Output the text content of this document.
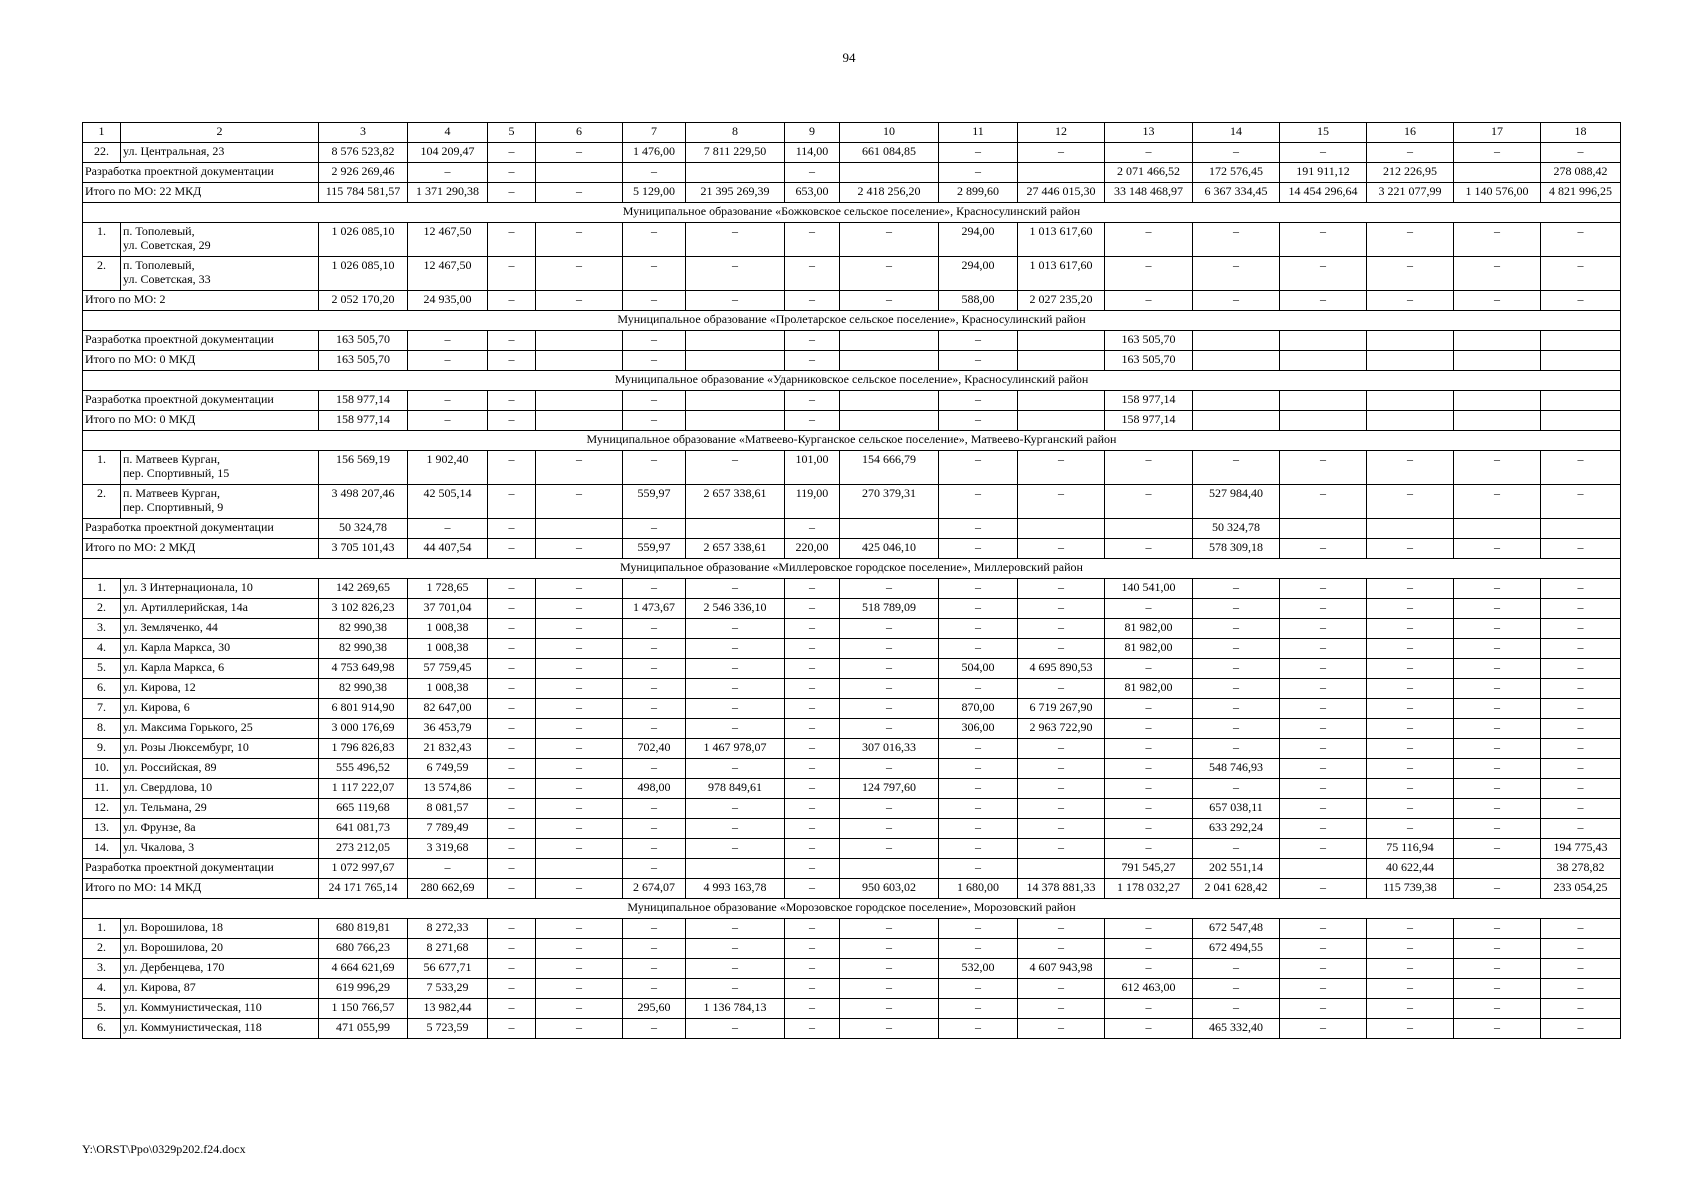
94
1	2	3	4	5	6	7	8	9	10	11	12	13	14	15	16	17	18
22.	ул. Центральная, 23	8 576 523,82	104 209,47	–	–	1 476,00	7 811 229,50	114,00	661 084,85	–	–	–	–	–	–	–	–
Разработка проектной документации		2 926 269,46	–	–		–		–		–		2 071 466,52	172 576,45	191 911,12	212 226,95		278 088,42
Итого по МО: 22 МКД		115 784 581,57	1 371 290,38	–	–	5 129,00	21 395 269,39	653,00	2 418 256,20	2 899,60	27 446 015,30	33 148 468,97	6 367 334,45	14 454 296,64	3 221 077,99	1 140 576,00	4 821 996,25
Муниципальное образование «Божковское сельское поселение», Красносулинский район																	
1.	п. Тополевый,
ул. Советская, 29	1 026 085,10	12 467,50	–	–	–	–	–	–	294,00	1 013 617,60	–	–	–	–	–	–
2.	п. Тополевый,
ул. Советская, 33	1 026 085,10	12 467,50	–	–	–	–	–	–	294,00	1 013 617,60	–	–	–	–	–	–
Итого по МО: 2		2 052 170,20	24 935,00	–	–	–	–	–	–	588,00	2 027 235,20	–	–	–	–	–	–
Муниципальное образование «Пролетарское сельское поселение», Красносулинский район																	
Разработка проектной документации		163 505,70	–	–		–		–		–		163 505,70					
Итого по МО: 0 МКД		163 505,70	–	–		–		–		–		163 505,70					
Муниципальное образование «Ударниковское сельское поселение», Красносулинский район																	
Разработка проектной документации		158 977,14	–	–		–		–		–		158 977,14					
Итого по МО: 0 МКД		158 977,14	–	–		–		–		–		158 977,14					
Муниципальное образование «Матвеево-Курганское сельское поселение», Матвеево-Курганский район																	
1.	п. Матвеев Курган,
пер. Спортивный, 15	156 569,19	1 902,40	–	–	–	–	101,00	154 666,79	–	–	–	–	–	–	–	–
2.	п. Матвеев Курган,
пер. Спортивный, 9	3 498 207,46	42 505,14	–	–	559,97	2 657 338,61	119,00	270 379,31	–	–	–	527 984,40	–	–	–	–
Разработка проектной документации		50 324,78	–	–		–		–		–			50 324,78				
Итого по МО: 2 МКД		3 705 101,43	44 407,54	–	–	559,97	2 657 338,61	220,00	425 046,10	–	–	–	578 309,18	–	–	–	–
Муниципальное образование «Миллеровское городское поселение», Миллеровский район																	
1.	ул. 3 Интернационала, 10	142 269,65	1 728,65	–	–	–	–	–	–	–	–	140 541,00	–	–	–	–	–
2.	ул. Артиллерийская, 14а	3 102 826,23	37 701,04	–	–	1 473,67	2 546 336,10	–	518 789,09	–	–	–	–	–	–	–	–
3.	ул. Земляченко, 44	82 990,38	1 008,38	–	–	–	–	–	–	–	–	81 982,00	–	–	–	–	–
4.	ул. Карла Маркса, 30	82 990,38	1 008,38	–	–	–	–	–	–	–	–	81 982,00	–	–	–	–	–
5.	ул. Карла Маркса, 6	4 753 649,98	57 759,45	–	–	–	–	–	–	504,00	4 695 890,53	–	–	–	–	–	–
6.	ул. Кирова, 12	82 990,38	1 008,38	–	–	–	–	–	–	–	–	81 982,00	–	–	–	–	–
7.	ул. Кирова, 6	6 801 914,90	82 647,00	–	–	–	–	–	–	870,00	6 719 267,90	–	–	–	–	–	–
8.	ул. Максима Горького, 25	3 000 176,69	36 453,79	–	–	–	–	–	–	306,00	2 963 722,90	–	–	–	–	–	–
9.	ул. Розы Люксембург, 10	1 796 826,83	21 832,43	–	–	702,40	1 467 978,07	–	307 016,33	–	–	–	–	–	–	–	–
10.	ул. Российская, 89	555 496,52	6 749,59	–	–	–	–	–	–	–	–	–	548 746,93	–	–	–	–
11.	ул. Свердлова, 10	1 117 222,07	13 574,86	–	–	498,00	978 849,61	–	124 797,60	–	–	–	–	–	–	–	–
12.	ул. Тельмана, 29	665 119,68	8 081,57	–	–	–	–	–	–	–	–	–	657 038,11	–	–	–	–
13.	ул. Фрунзе, 8а	641 081,73	7 789,49	–	–	–	–	–	–	–	–	–	633 292,24	–	–	–	–
14.	ул. Чкалова, 3	273 212,05	3 319,68	–	–	–	–	–	–	–	–	–	–	–	75 116,94	–	194 775,43
Разработка проектной документации		1 072 997,67	–	–		–		–		–		791 545,27	202 551,14		40 622,44		38 278,82
Итого по МО: 14 МКД		24 171 765,14	280 662,69	–	–	2 674,07	4 993 163,78	–	950 603,02	1 680,00	14 378 881,33	1 178 032,27	2 041 628,42	–	115 739,38	–	233 054,25
Муниципальное образование «Морозовское городское поселение», Морозовский район																	
1.	ул. Ворошилова, 18	680 819,81	8 272,33	–	–	–	–	–	–	–	–	–	672 547,48	–	–	–	–
2.	ул. Ворошилова, 20	680 766,23	8 271,68	–	–	–	–	–	–	–	–	–	672 494,55	–	–	–	–
3.	ул. Дербенцева, 170	4 664 621,69	56 677,71	–	–	–	–	–	–	532,00	4 607 943,98	–	–	–	–	–	–
4.	ул. Кирова, 87	619 996,29	7 533,29	–	–	–	–	–	–	–	–	612 463,00	–	–	–	–	–
5.	ул. Коммунистическая, 110	1 150 766,57	13 982,44	–	–	295,60	1 136 784,13	–	–	–	–	–	–	–	–	–	–
6.	ул. Коммунистическая, 118	471 055,99	5 723,59	–	–	–	–	–	–	–	–	–	465 332,40	–	–	–	–
Y:\ORST\Ppo\0329p202.f24.docx
